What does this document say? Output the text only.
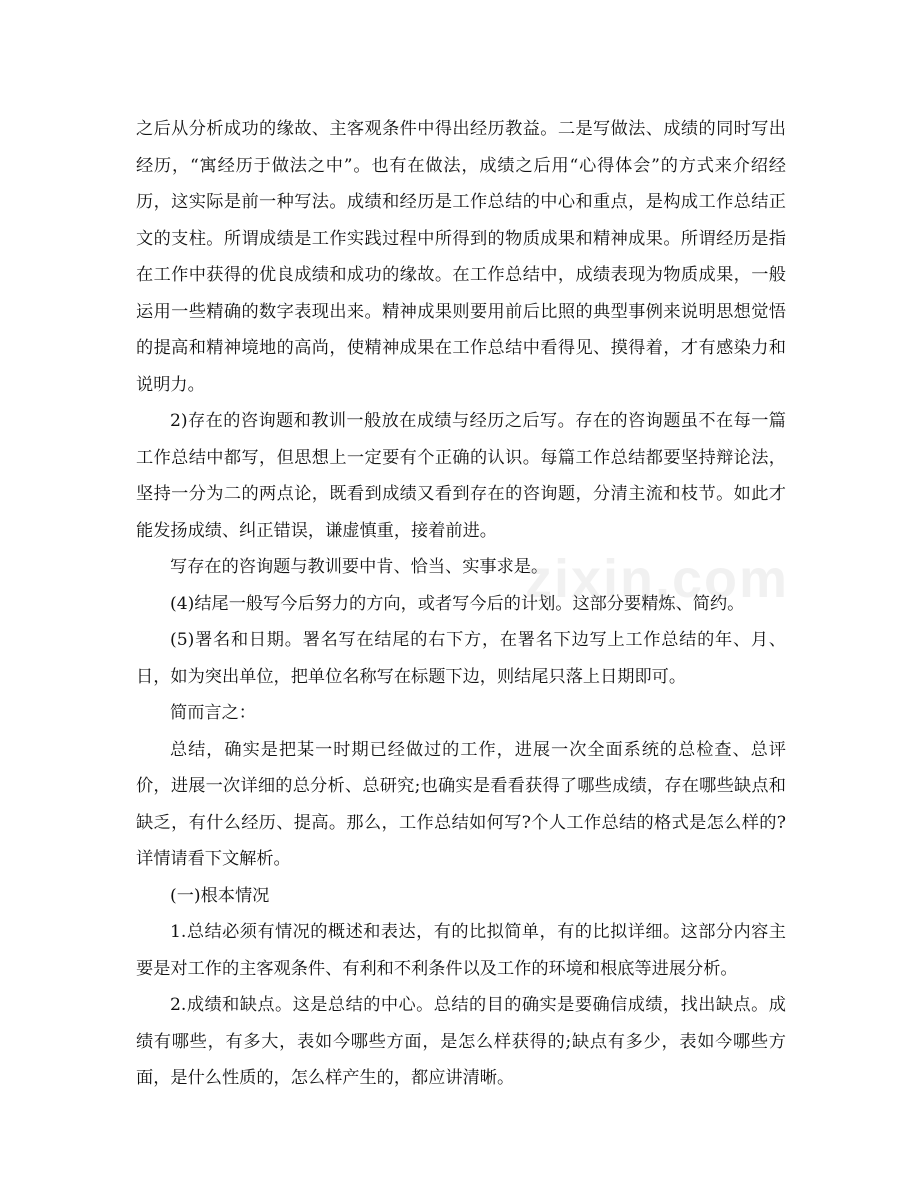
之后从分析成功的缘故、主客观条件中得出经历教益。二是写做法、成绩的同时写出经历，“寓经历于做法之中”。也有在做法，成绩之后用“心得体会”的方式来介绍经历，这实际是前一种写法。成绩和经历是工作总结的中心和重点，是构成工作总结正文的支柱。所谓成绩是工作实践过程中所得到的物质成果和精神成果。所谓经历是指在工作中获得的优良成绩和成功的缘故。在工作总结中，成绩表现为物质成果，一般运用一些精确的数字表现出来。精神成果则要用前后比照的典型事例来说明思想觉悟的提高和精神境地的高尚，使精神成果在工作总结中看得见、摸得着，才有感染力和说明力。

2)存在的咨询题和教训一般放在成绩与经历之后写。存在的咨询题虽不在每一篇工作总结中都写，但思想上一定要有个正确的认识。每篇工作总结都要坚持辩论法，坚持一分为二的两点论，既看到成绩又看到存在的咨询题，分清主流和枝节。如此才能发扬成绩、纠正错误，谦虚慎重，接着前进。

写存在的咨询题与教训要中肯、恰当、实事求是。

(4)结尾一般写今后努力的方向，或者写今后的计划。这部分要精炼、简约。

(5)署名和日期。署名写在结尾的右下方，在署名下边写上工作总结的年、月、日，如为突出单位，把单位名称写在标题下边，则结尾只落上日期即可。

简而言之：

总结，确实是把某一时期已经做过的工作，进展一次全面系统的总检查、总评价，进展一次详细的总分析、总研究;也确实是看看获得了哪些成绩，存在哪些缺点和缺乏，有什么经历、提高。那么，工作总结如何写?个人工作总结的格式是怎么样的?详情请看下文解析。

(一)根本情况

1.总结必须有情况的概述和表达，有的比拟简单，有的比拟详细。这部分内容主要是对工作的主客观条件、有利和不利条件以及工作的环境和根底等进展分析。

2.成绩和缺点。这是总结的中心。总结的目的确实是要确信成绩，找出缺点。成绩有哪些，有多大，表如今哪些方面，是怎么样获得的;缺点有多少，表如今哪些方面，是什么性质的，怎么样产生的，都应讲清晰。

zixin.com
